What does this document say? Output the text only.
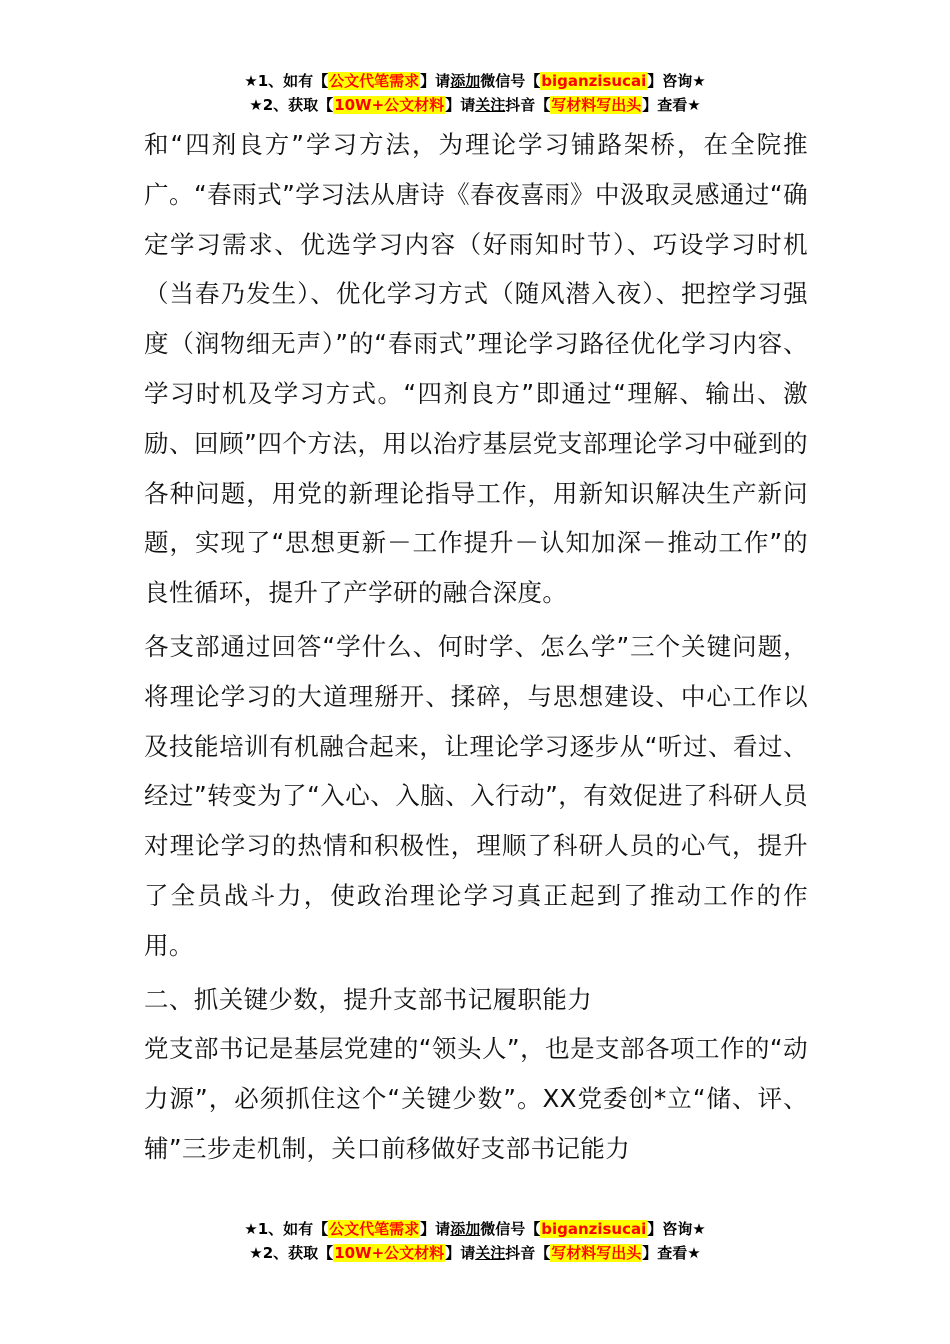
★1、如有【公文代笔需求】请添加微信号【biganzisucai】咨询★
★2、获取【10W+公文材料】请关注抖音【写材料写出头】查看★

和“四剂良方”学习方法，为理论学习铺路架桥，在全院推广。“春雨式”学习法从唐诗《春夜喜雨》中汲取灵感通过“确定学习需求、优选学习内容（好雨知时节）、巧设学习时机（当春乃发生）、优化学习方式（随风潜入夜）、把控学习强度（润物细无声）”的“春雨式”理论学习路径优化学习内容、学习时机及学习方式。“四剂良方”即通过“理解、输出、激励、回顾”四个方法，用以治疗基层党支部理论学习中碰到的各种问题，用党的新理论指导工作，用新知识解决生产新问题，实现了“思想更新－工作提升－认知加深－推动工作”的良性循环，提升了产学研的融合深度。

各支部通过回答“学什么、何时学、怎么学”三个关键问题，将理论学习的大道理掰开、揉碎，与思想建设、中心工作以及技能培训有机融合起来，让理论学习逐步从“听过、看过、经过”转变为了“入心、入脑、入行动”，有效促进了科研人员对理论学习的热情和积极性，理顺了科研人员的心气，提升了全员战斗力，使政治理论学习真正起到了推动工作的作用。

二、抓关键少数，提升支部书记履职能力

党支部书记是基层党建的“领头人”，也是支部各项工作的“动力源”，必须抓住这个“关键少数”。XX党委创*立“储、评、辅”三步走机制，关口前移做好支部书记能力

★1、如有【公文代笔需求】请添加微信号【biganzisucai】咨询★
★2、获取【10W+公文材料】请关注抖音【写材料写出头】查看★
